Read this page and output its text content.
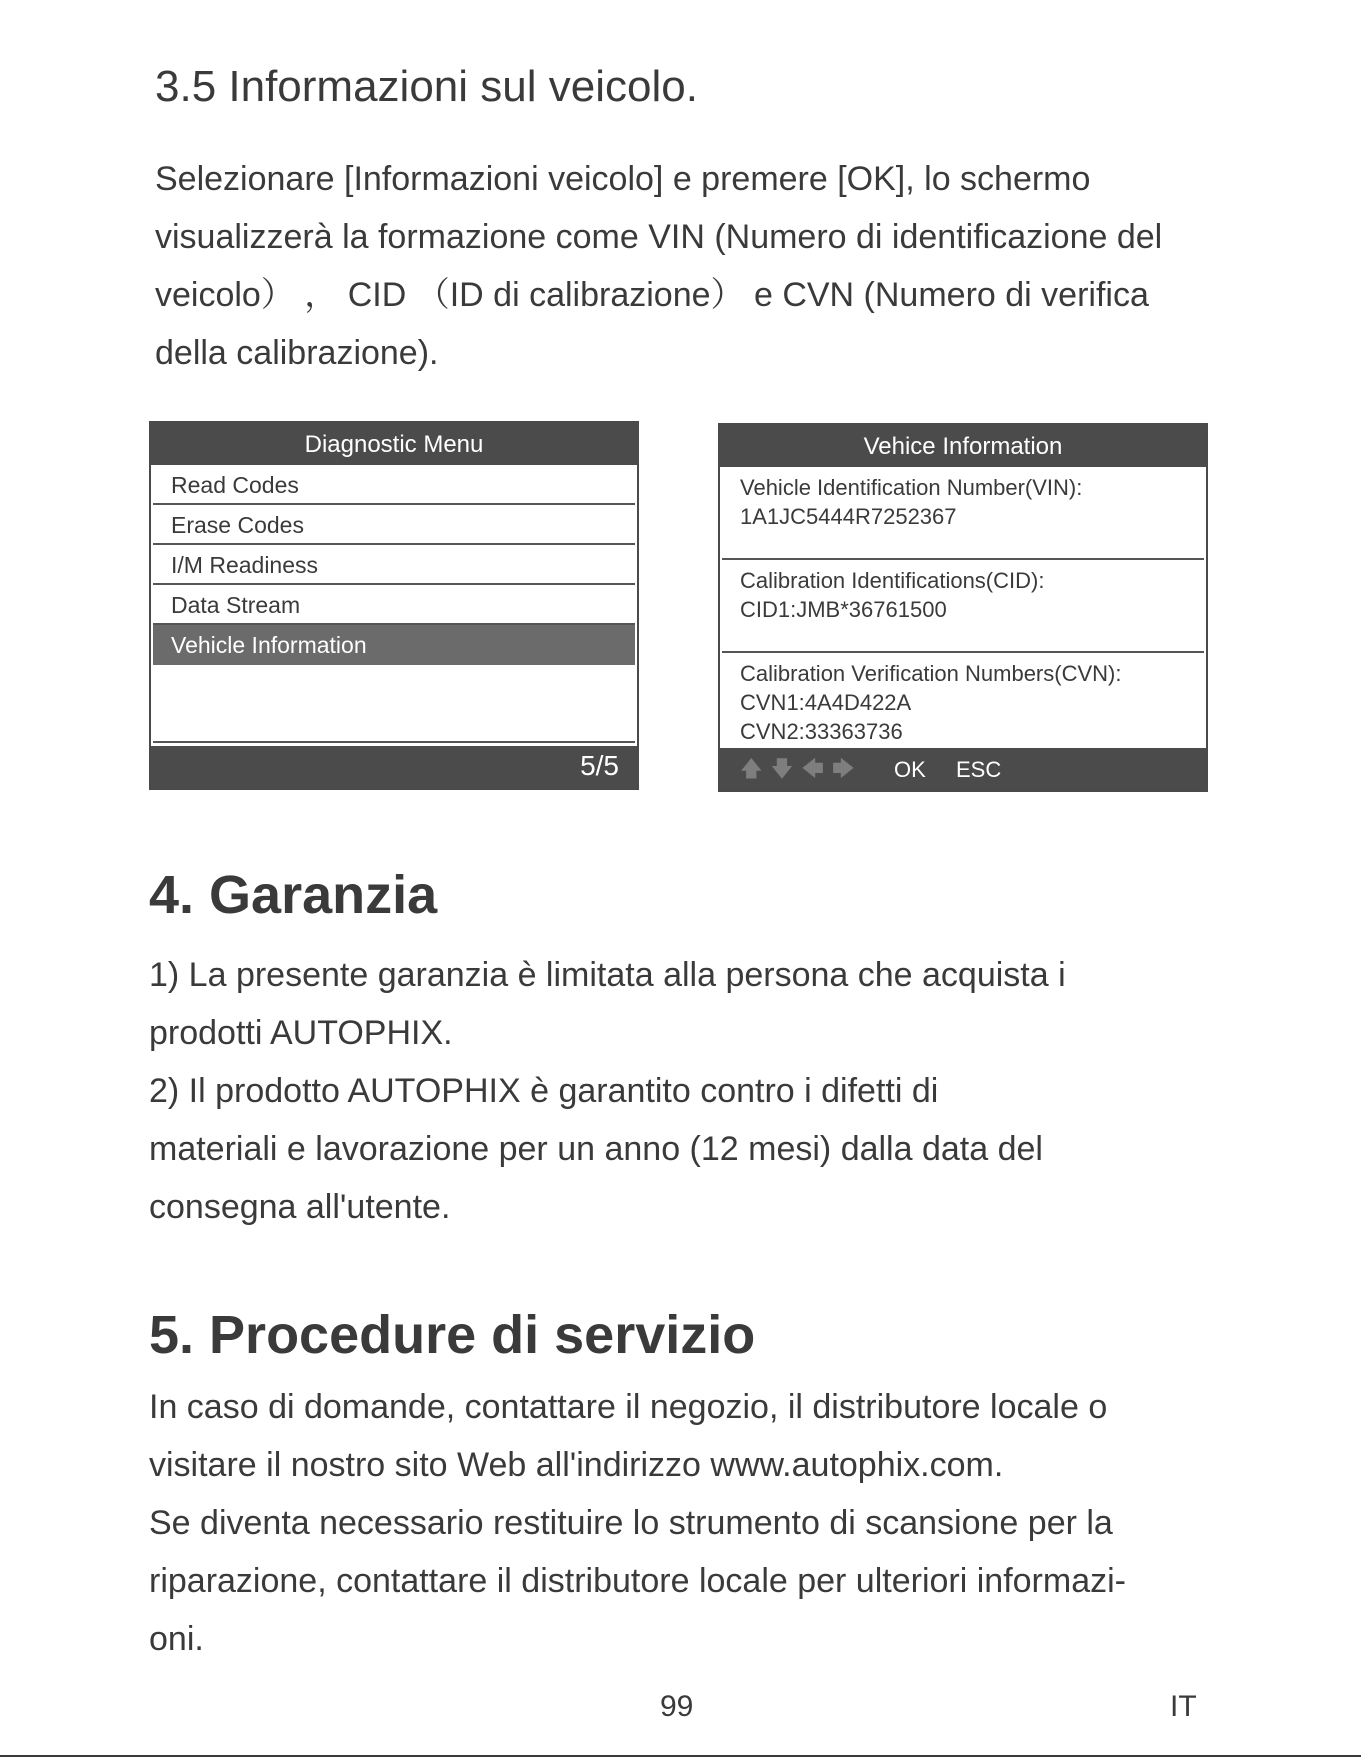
3.5 Informazioni sul veicolo.

Selezionare [Informazioni veicolo] e premere [OK], lo schermo visualizzerà la formazione come VIN (Numero di identificazione del veicolo） ， CID （ID di calibrazione） e CVN (Numero di verifica della calibrazione).

Diagnostic Menu
Read Codes
Erase Codes
I/M Readiness
Data Stream
Vehicle Information
5/5
Vehice Information
Vehicle Identification Number(VIN):
1A1JC5444R7252367
Calibration Identifications(CID):
CID1:JMB*36761500
Calibration Verification Numbers(CVN):
CVN1:4A4D422A
CVN2:33363736
🡅 🡇 🡄 🡆 OK ESC
4. Garanzia
1) La presente garanzia è limitata alla persona che acquista i
prodotti AUTOPHIX.
2) Il prodotto AUTOPHIX è garantito contro i difetti di
materiali e lavorazione per un anno (12 mesi) dalla data del
consegna all'utente.
5. Procedure di servizio
In caso di domande, contattare il negozio, il distributore locale o
visitare il nostro sito Web all'indirizzo www.autophix.com.
Se diventa necessario restituire lo strumento di scansione per la
riparazione, contattare il distributore locale per ulteriori informazi-
oni.
99	IT
